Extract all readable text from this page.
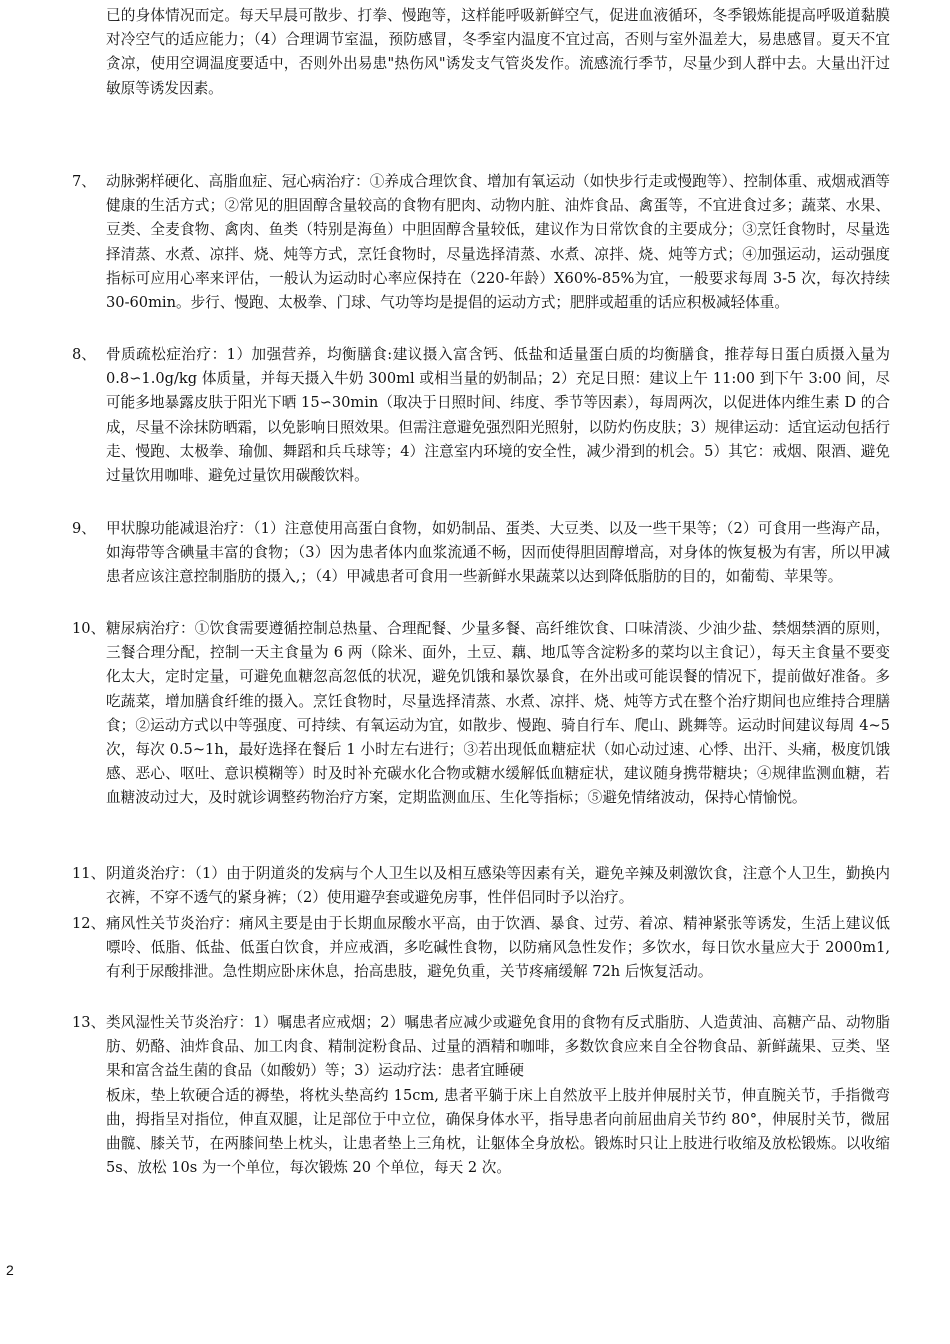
已的身体情况而定。每天早晨可散步、打拳、慢跑等，这样能呼吸新鲜空气，促进血液循环，冬季锻炼能提高呼吸道黏膜对冷空气的适应能力；（4）合理调节室温，预防感冒，冬季室内温度不宜过高，否则与室外温差大，易患感冒。夏天不宜贪凉，使用空调温度要适中，否则外出易患"热伤风"诱发支气管炎发作。流感流行季节，尽量少到人群中去。大量出汗过敏原等诱发因素。
7、 动脉粥样硬化、高脂血症、冠心病治疗：①养成合理饮食、增加有氧运动（如快步行走或慢跑等）、控制体重、戒烟戒酒等健康的生活方式；②常见的胆固醇含量较高的食物有肥肉、动物内脏、油炸食品、禽蛋等，不宜进食过多；蔬菜、水果、豆类、全麦食物、禽肉、鱼类（特别是海鱼）中胆固醇含量较低，建议作为日常饮食的主要成分；③烹饪食物时，尽量选择清蒸、水煮、凉拌、烧、炖等方式，烹饪食物时，尽量选择清蒸、水煮、凉拌、烧、炖等方式；④加强运动，运动强度指标可应用心率来评估，一般认为运动时心率应保持在（220-年龄）X60%-85%为宜，一般要求每周 3-5 次，每次持续 30-60min。步行、慢跑、太极拳、门球、气功等均是提倡的运动方式；肥胖或超重的话应积极减轻体重。
8、 骨质疏松症治疗：1）加强营养，均衡膳食:建议摄入富含钙、低盐和适量蛋白质的均衡膳食，推荐每日蛋白质摄入量为 0.8∽1.0g/kg 体质量，并每天摄入牛奶 300ml 或相当量的奶制品；2）充足日照：建议上午 11:00 到下午 3:00 间，尽可能多地暴露皮肤于阳光下晒 15∽30min（取决于日照时间、纬度、季节等因素），每周两次，以促进体内维生素 D 的合成，尽量不涂抹防晒霜，以免影响日照效果。但需注意避免强烈阳光照射，以防灼伤皮肤；3）规律运动：适宜运动包括行走、慢跑、太极拳、瑜伽、舞蹈和兵乓球等；4）注意室内环境的安全性，减少滑到的机会。5）其它：戒烟、限酒、避免过量饮用咖啡、避免过量饮用碳酸饮料。
9、 甲状腺功能减退治疗：（1）注意使用高蛋白食物，如奶制品、蛋类、大豆类、以及一些干果等；（2）可食用一些海产品，如海带等含碘量丰富的食物；（3）因为患者体内血浆流通不畅，因而使得胆固醇增高，对身体的恢复极为有害，所以甲减患者应该注意控制脂肪的摄入,；（4）甲减患者可食用一些新鲜水果蔬菜以达到降低脂肪的目的，如葡萄、苹果等。
10、 糖尿病治疗：①饮食需要遵循控制总热量、合理配餐、少量多餐、高纤维饮食、口味清淡、少油少盐、禁烟禁酒的原则，三餐合理分配，控制一天主食量为 6 两（除米、面外，土豆、藕、地瓜等含淀粉多的菜均以主食记），每天主食量不要变化太大，定时定量，可避免血糖忽高忽低的状况，避免饥饿和暴饮暴食，在外出或可能误餐的情况下，提前做好准备。多吃蔬菜，增加膳食纤维的摄入。烹饪食物时，尽量选择清蒸、水煮、凉拌、烧、炖等方式在整个治疗期间也应维持合理膳食；②运动方式以中等强度、可持续、有氧运动为宜，如散步、慢跑、骑自行车、爬山、跳舞等。运动时间建议每周 4~5 次，每次 0.5~1h，最好选择在餐后 1 小时左右进行；③若出现低血糖症状（如心动过速、心悸、出汗、头痛，极度饥饿感、恶心、呕吐、意识模糊等）时及时补充碳水化合物或糖水缓解低血糖症状，建议随身携带糖块；④规律监测血糖，若血糖波动过大，及时就诊调整药物治疗方案，定期监测血压、生化等指标；⑤避免情绪波动，保持心情愉悦。
11、 阴道炎治疗：（1）由于阴道炎的发病与个人卫生以及相互感染等因素有关，避免辛辣及刺激饮食，注意个人卫生，勤换内衣裤，不穿不透气的紧身裤；（2）使用避孕套或避免房事，性伴侣同时予以治疗。
12、 痛风性关节炎治疗：痛风主要是由于长期血尿酸水平高，由于饮酒、暴食、过劳、着凉、精神紧张等诱发，生活上建议低嘌呤、低脂、低盐、低蛋白饮食，并应戒酒，多吃碱性食物，以防痛风急性发作；多饮水，每日饮水量应大于 2000m1, 有利于尿酸排泄。急性期应卧床休息，抬高患肢，避免负重，关节疼痛缓解 72h 后恢复活动。
13、 类风湿性关节炎治疗：1）嘱患者应戒烟；2）嘱患者应减少或避免食用的食物有反式脂肪、人造黄油、高糖产品、动物脂肪、奶酪、油炸食品、加工肉食、精制淀粉食品、过量的酒精和咖啡，多数饮食应来自全谷物食品、新鲜蔬果、豆类、坚果和富含益生菌的食品（如酸奶）等；3）运动疗法：患者宜睡硬
板床，垫上软硬合适的褥垫，将枕头垫高约 15cm, 患者平躺于床上自然放平上肢并伸展肘关节，伸直腕关节，手指微弯曲，拇指呈对指位，伸直双腿，让足部位于中立位，确保身体水平，指导患者向前屈曲肩关节约 80°，伸展肘关节，微屈曲髋、膝关节，在两膝间垫上枕头，让患者垫上三角枕，让躯体全身放松。锻炼时只让上肢进行收缩及放松锻炼。以收缩 5s、放松 10s 为一个单位，每次锻炼 20 个单位，每天 2 次。
2
